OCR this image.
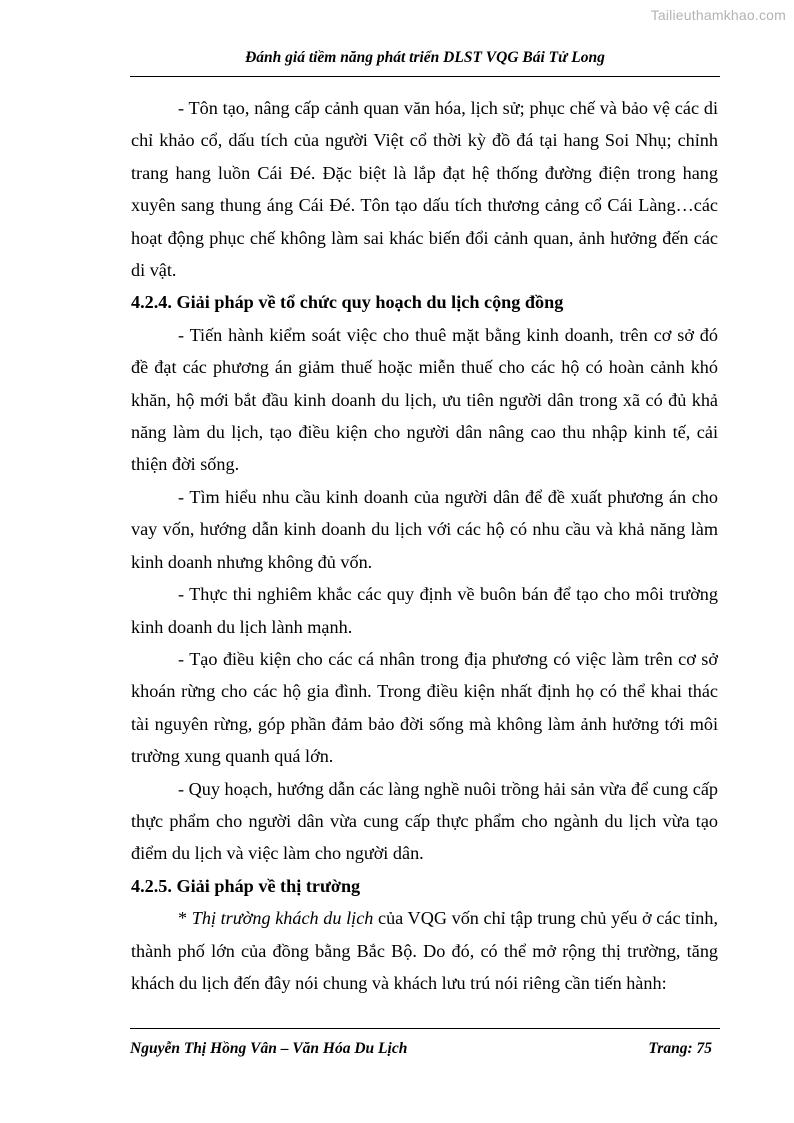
Tailieuthamkhao.com
Đánh giá tiềm năng phát triển DLST VQG Bái Tử Long

- Tôn tạo, nâng cấp cảnh quan văn hóa, lịch sử; phục chế và bảo vệ các di chỉ khảo cổ, dấu tích của người Việt cổ thời kỳ đồ đá tại hang Soi Nhụ; chỉnh trang hang luồn Cái Đé. Đặc biệt là lắp đạt hệ thống đường điện trong hang xuyên sang thung áng Cái Đé. Tôn tạo dấu tích thương cảng cổ Cái Làng…các hoạt động phục chế không làm sai khác biến đổi cảnh quan, ảnh hưởng đến các di vật.

4.2.4. Giải pháp về tổ chức quy hoạch du lịch cộng đồng

- Tiến hành kiểm soát việc cho thuê mặt bằng kinh doanh, trên cơ sở đó đề đạt các phương án giảm thuế hoặc miễn thuế cho các hộ có hoàn cảnh khó khăn, hộ mới bắt đầu kinh doanh du lịch, ưu tiên người dân trong xã có đủ khả năng làm du lịch, tạo điều kiện cho người dân nâng cao thu nhập kinh tế, cải thiện đời sống.

- Tìm hiểu nhu cầu kinh doanh của người dân để đề xuất phương án cho vay vốn, hướng dẫn kinh doanh du lịch với các hộ có nhu cầu và khả năng làm kinh doanh nhưng không đủ vốn.

- Thực thi nghiêm khắc các quy định về buôn bán để tạo cho môi trường kinh doanh du lịch lành mạnh.

- Tạo điều kiện cho các cá nhân trong địa phương có việc làm trên cơ sở khoán rừng cho các hộ gia đình. Trong điều kiện nhất định họ có thể khai thác tài nguyên rừng, góp phần đảm bảo đời sống mà không làm ảnh hưởng tới môi trường xung quanh quá lớn.

- Quy hoạch, hướng dẫn các làng nghề nuôi trồng hải sản vừa để cung cấp thực phẩm cho người dân vừa cung cấp thực phẩm cho ngành du lịch vừa tạo điểm du lịch và việc làm cho người dân.

4.2.5. Giải pháp về thị trường

* Thị trường khách du lịch của VQG vốn chỉ tập trung chủ yếu ở các tỉnh, thành phố lớn của đồng bằng Bắc Bộ. Do đó, có thể mở rộng thị trường, tăng khách du lịch đến đây nói chung và khách lưu trú nói riêng cần tiến hành:

Nguyễn Thị Hồng Vân – Văn Hóa Du Lịch	Trang: 75
